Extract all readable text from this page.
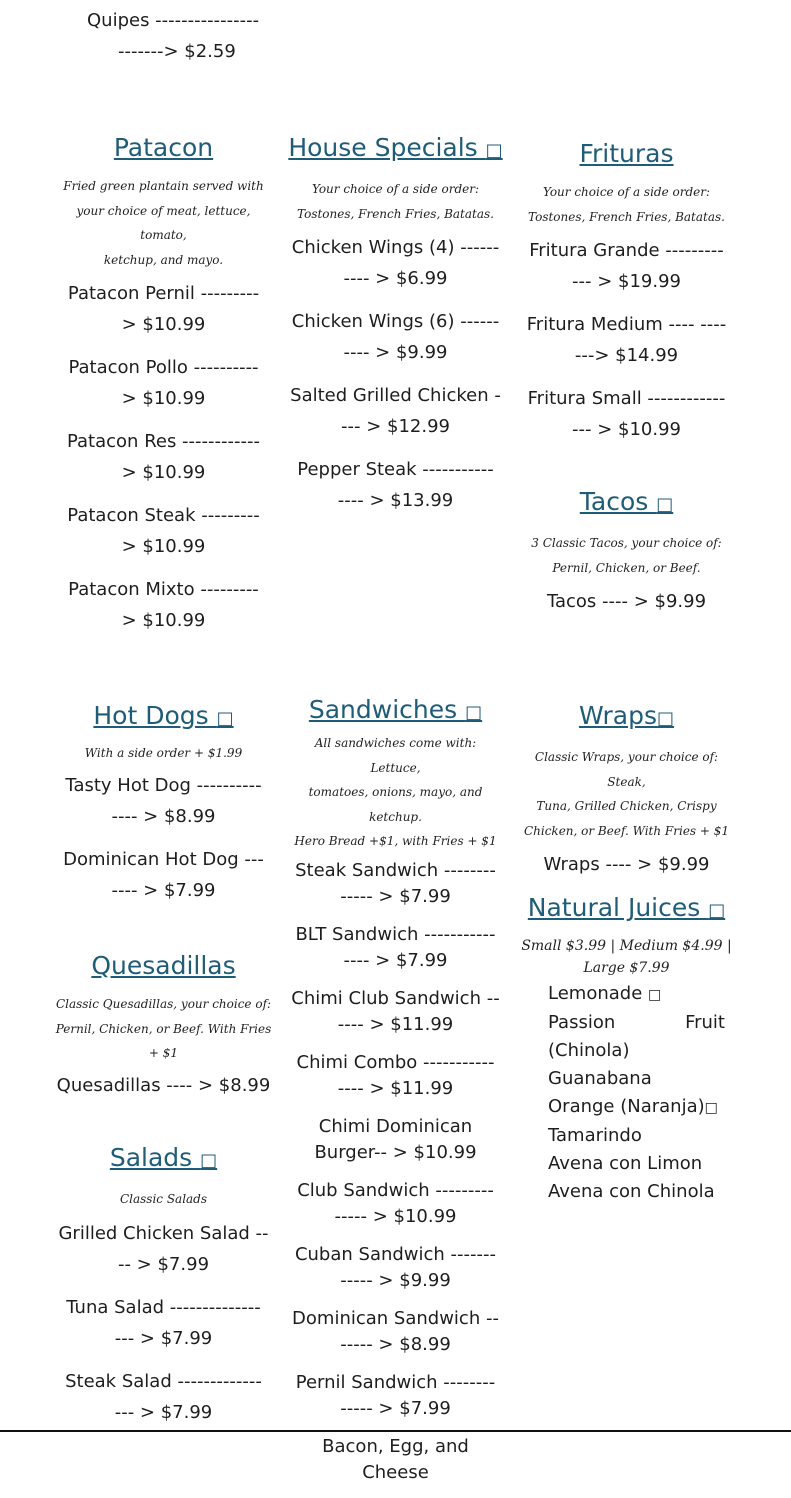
Quipes ----------------
-------> $2.59
Patacon
Fried green plantain served with
your choice of meat, lettuce, tomato,
ketchup, and mayo.
Patacon Pernil ---------
> $10.99
Patacon Pollo ----------
> $10.99
Patacon Res ------------
> $10.99
Patacon Steak ---------
> $10.99
Patacon Mixto ---------
> $10.99
House Specials □
Your choice of a side order:
Tostones, French Fries, Batatas.
Chicken Wings (4) ------
---- > $6.99
Chicken Wings (6) ------
---- > $9.99
Salted Grilled Chicken -
--- > $12.99
Pepper Steak -----------
---- > $13.99
Frituras
Your choice of a side order:
Tostones, French Fries, Batatas.
Fritura Grande ---------
--- > $19.99
Fritura Medium ---- ----
---> $14.99
Fritura Small ------------
--- > $10.99
Tacos □
3 Classic Tacos, your choice of:
Pernil, Chicken, or Beef.
Tacos ---- > $9.99
Hot Dogs □
With a side order + $1.99
Tasty Hot Dog ----------
---- > $8.99
Dominican Hot Dog ---
---- > $7.99
Quesadillas
Classic Quesadillas, your choice of:
Pernil, Chicken, or Beef. With Fries
+ $1
Quesadillas ---- > $8.99
Salads □
Classic Salads
Grilled Chicken Salad --
-- > $7.99
Tuna Salad --------------
--- > $7.99
Steak Salad -------------
--- > $7.99
Sandwiches □
All sandwiches come with: Lettuce,
tomatoes, onions, mayo, and
ketchup.
Hero Bread +$1, with Fries + $1
Steak Sandwich --------
----- > $7.99
BLT Sandwich -----------
---- > $7.99
Chimi Club Sandwich --
---- > $11.99
Chimi Combo -----------
---- > $11.99
Chimi Dominican
Burger-- > $10.99
Club Sandwich ---------
----- > $10.99
Cuban Sandwich -------
----- > $9.99
Dominican Sandwich --
----- > $8.99
Pernil Sandwich --------
----- > $7.99
Bacon, Egg, and Cheese
Wraps□
Classic Wraps, your choice of: Steak,
Tuna, Grilled Chicken, Crispy
Chicken, or Beef. With Fries + $1
Wraps ---- > $9.99
Natural Juices □
Small $3.99 | Medium $4.99 |
Large $7.99
Lemonade □
Passion	Fruit
(Chinola)
Guanabana
Orange (Naranja)□
Tamarindo
Avena con Limon
Avena con Chinola
